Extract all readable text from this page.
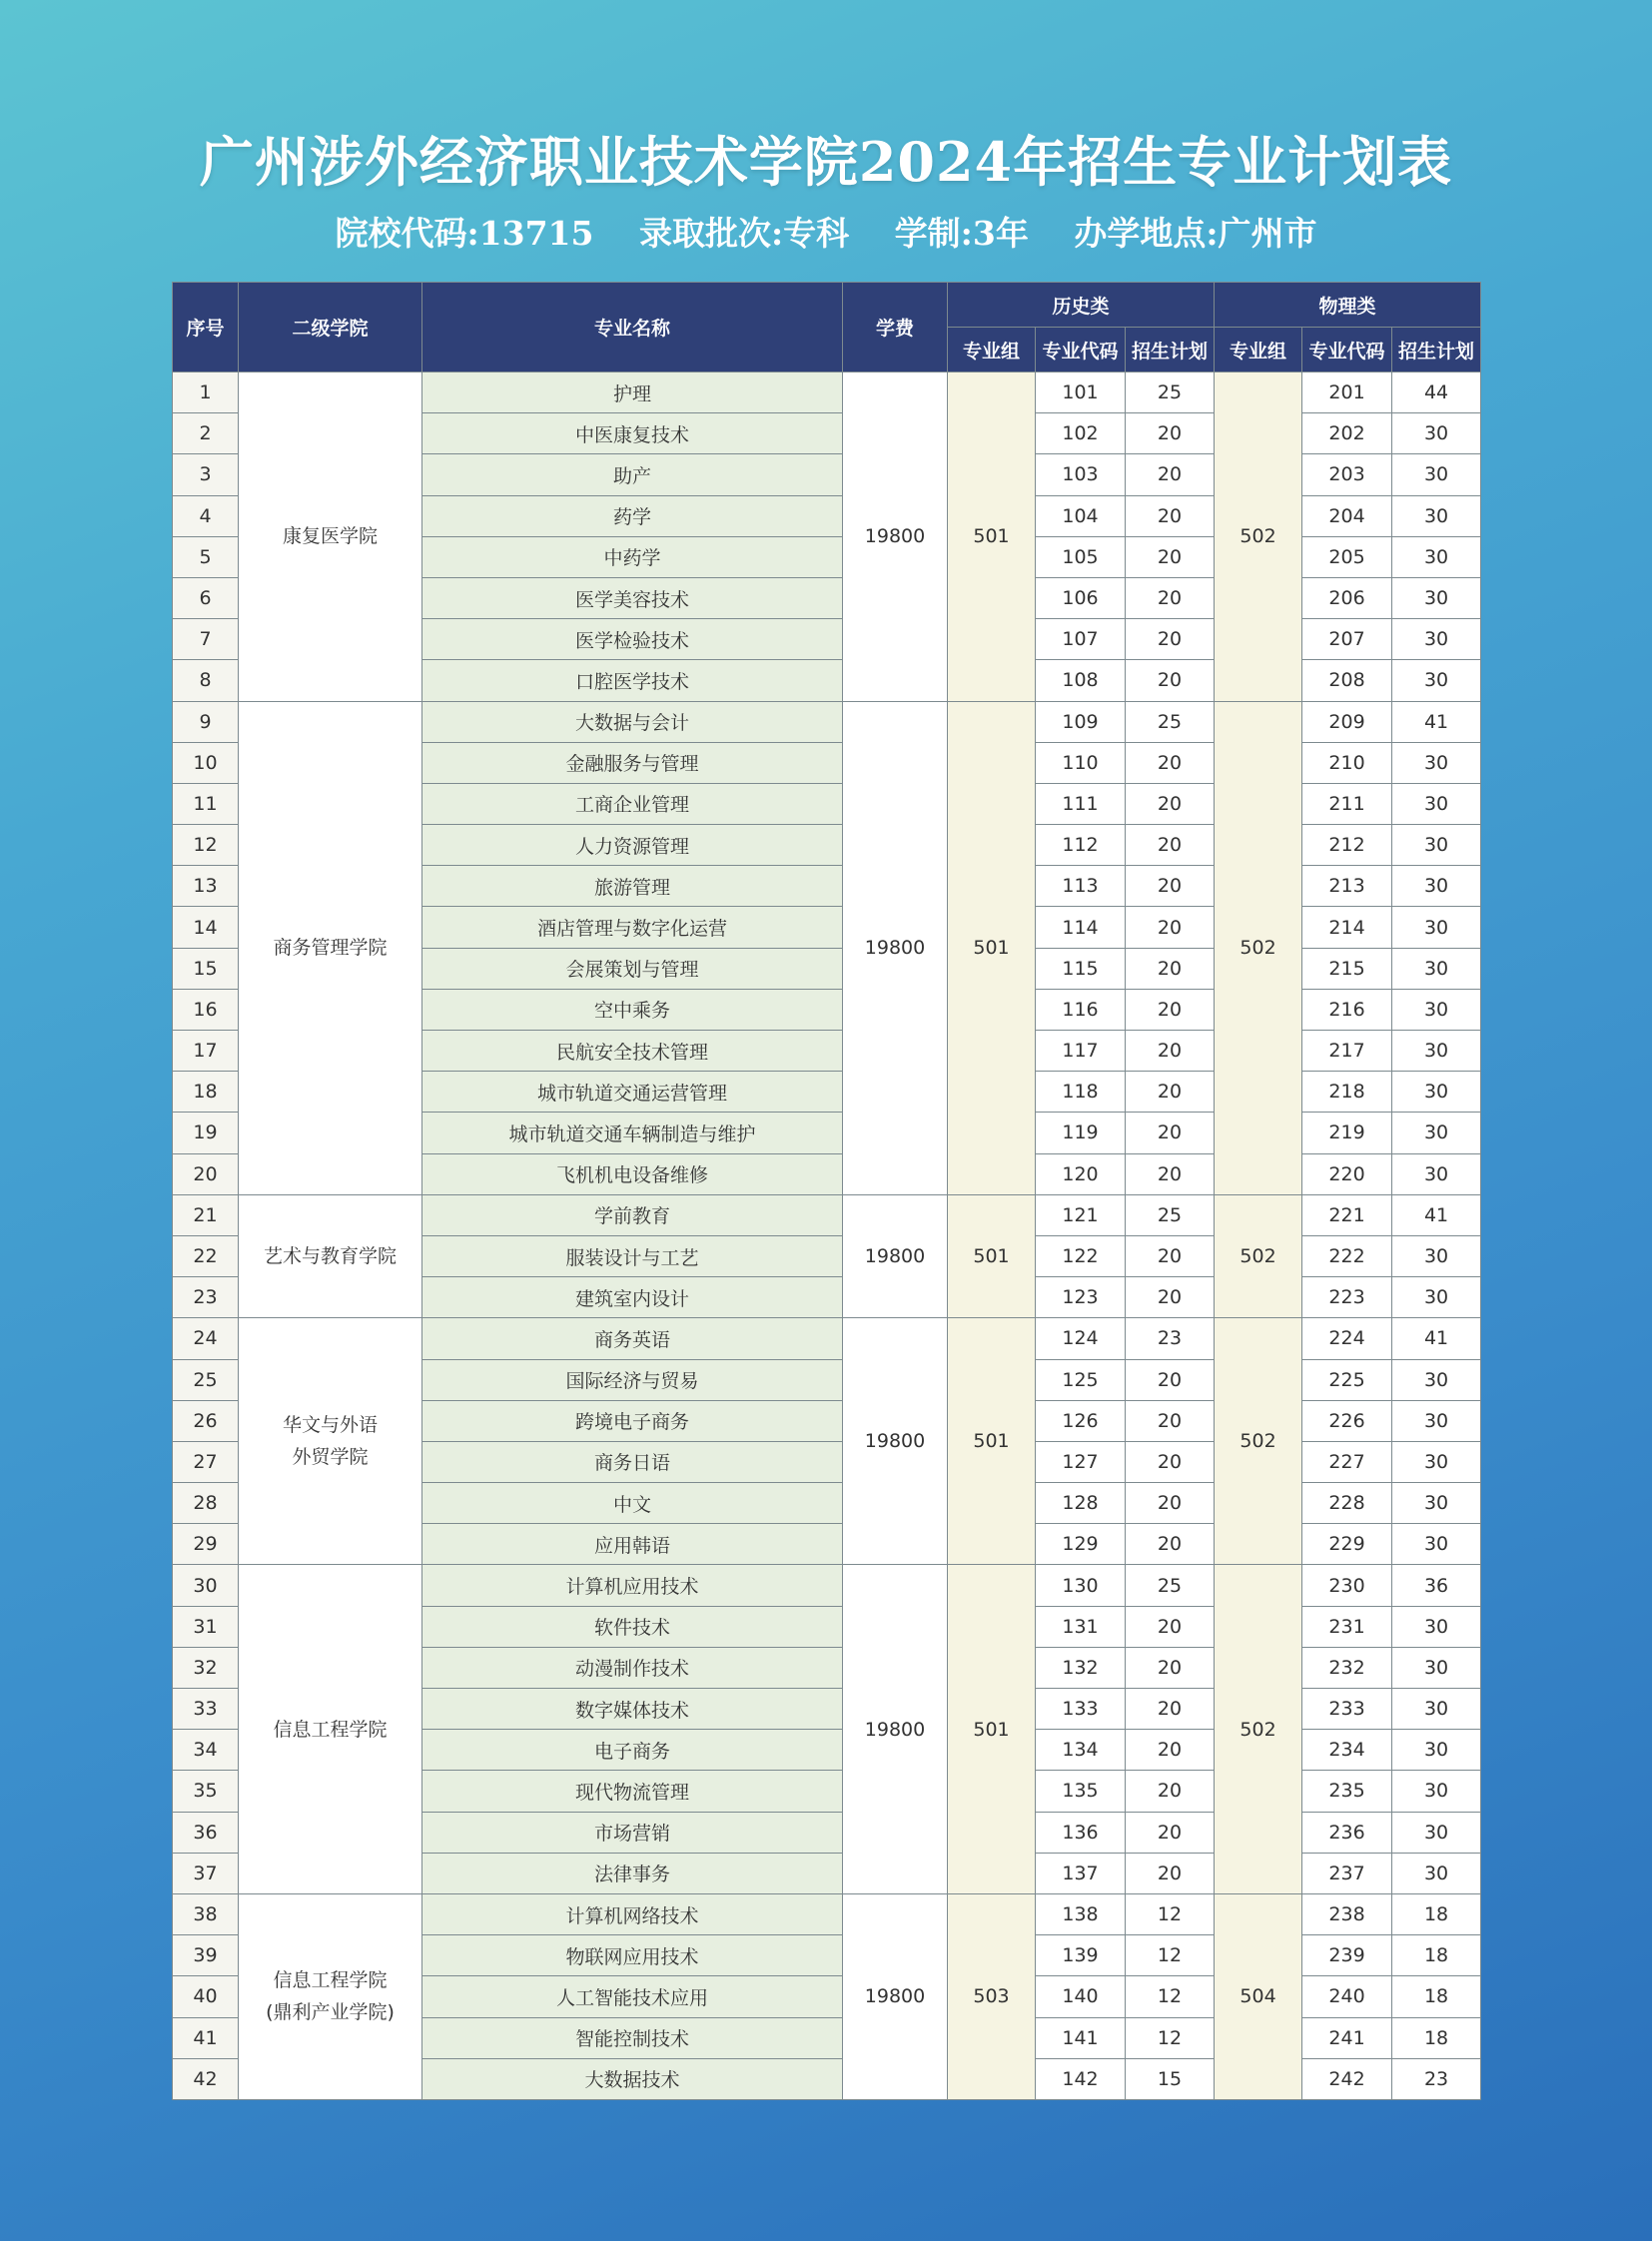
广州涉外经济职业技术学院2024年招生专业计划表
院校代码:13715 录取批次:专科 学制:3年 办学地点:广州市
序号	二级学院	专业名称	学费	历史类			物理类		
				专业组	专业代码	招生计划	专业组	专业代码	招生计划
1	康复医学院	护理	19800	501	101	25	502	201	44
2		中医康复技术			102	20		202	30
3		助产			103	20		203	30
4		药学			104	20		204	30
5		中药学			105	20		205	30
6		医学美容技术			106	20		206	30
7		医学检验技术			107	20		207	30
8		口腔医学技术			108	20		208	30
9	商务管理学院	大数据与会计	19800	501	109	25	502	209	41
10		金融服务与管理			110	20		210	30
11		工商企业管理			111	20		211	30
12		人力资源管理			112	20		212	30
13		旅游管理			113	20		213	30
14		酒店管理与数字化运营			114	20		214	30
15		会展策划与管理			115	20		215	30
16		空中乘务			116	20		216	30
17		民航安全技术管理			117	20		217	30
18		城市轨道交通运营管理			118	20		218	30
19		城市轨道交通车辆制造与维护			119	20		219	30
20		飞机机电设备维修			120	20		220	30
21	艺术与教育学院	学前教育	19800	501	121	25	502	221	41
22		服装设计与工艺			122	20		222	30
23		建筑室内设计			123	20		223	30
24	华文与外语
外贸学院	商务英语	19800	501	124	23	502	224	41
25		国际经济与贸易			125	20		225	30
26		跨境电子商务			126	20		226	30
27		商务日语			127	20		227	30
28		中文			128	20		228	30
29		应用韩语			129	20		229	30
30	信息工程学院	计算机应用技术	19800	501	130	25	502	230	36
31		软件技术			131	20		231	30
32		动漫制作技术			132	20		232	30
33		数字媒体技术			133	20		233	30
34		电子商务			134	20		234	30
35		现代物流管理			135	20		235	30
36		市场营销			136	20		236	30
37		法律事务			137	20		237	30
38	信息工程学院
(鼎利产业学院)	计算机网络技术	19800	503	138	12	504	238	18
39		物联网应用技术			139	12		239	18
40		人工智能技术应用			140	12		240	18
41		智能控制技术			141	12		241	18
42		大数据技术			142	15		242	23
